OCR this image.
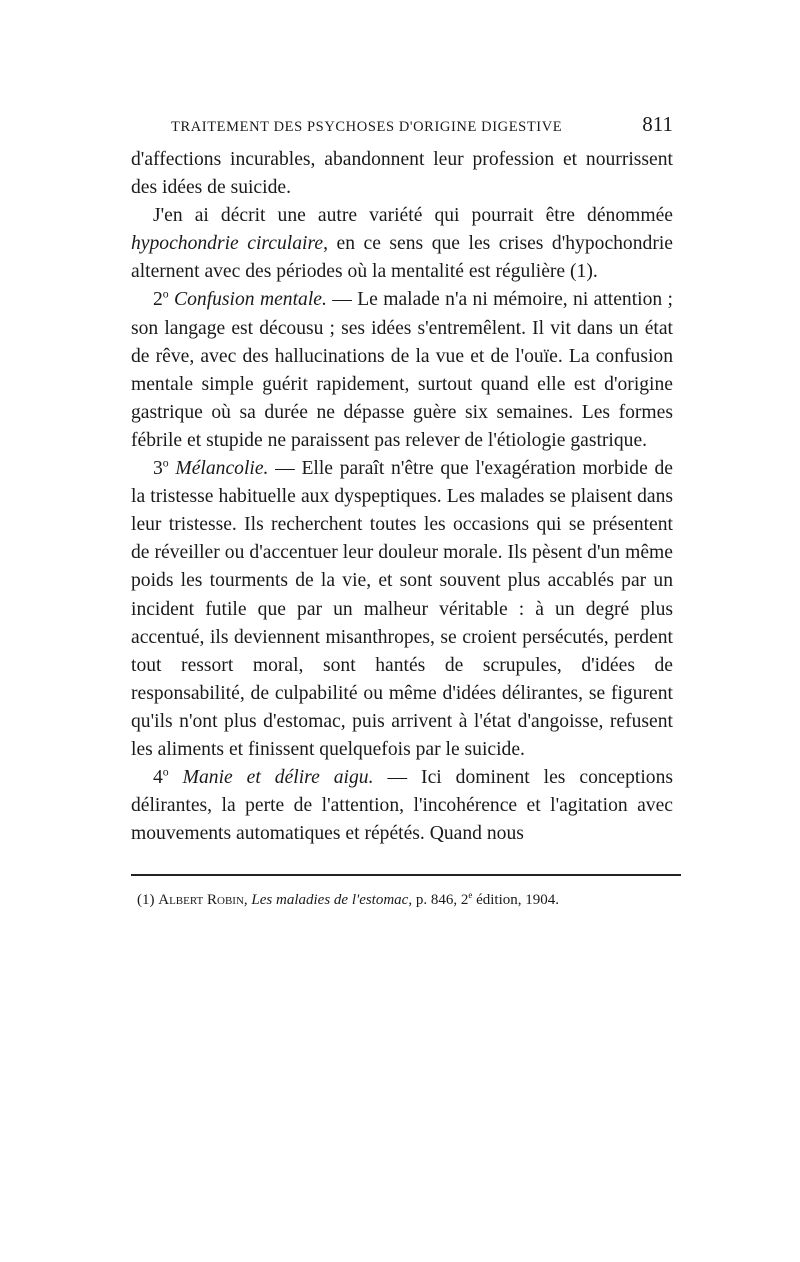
TRAITEMENT DES PSYCHOSES D'ORIGINE DIGESTIVE	811

d'affections incurables, abandonnent leur profession et nourrissent des idées de suicide.

J'en ai décrit une autre variété qui pourrait être dénommée hypochondrie circulaire, en ce sens que les crises d'hypochondrie alternent avec des périodes où la mentalité est régulière (1).

2$^o$ Confusion mentale. — Le malade n'a ni mémoire, ni attention ; son langage est décousu ; ses idées s'entremêlent. Il vit dans un état de rêve, avec des hallucinations de la vue et de l'ouïe. La confusion mentale simple guérit rapidement, surtout quand elle est d'origine gastrique où sa durée ne dépasse guère six semaines. Les formes fébrile et stupide ne paraissent pas relever de l'étiologie gastrique.

3$^o$ Mélancolie. — Elle paraît n'être que l'exagération morbide de la tristesse habituelle aux dyspeptiques. Les malades se plaisent dans leur tristesse. Ils recherchent toutes les occasions qui se présentent de réveiller ou d'accentuer leur douleur morale. Ils pèsent d'un même poids les tourments de la vie, et sont souvent plus accablés par un incident futile que par un malheur véritable : à un degré plus accentué, ils deviennent misanthropes, se croient persécutés, perdent tout ressort moral, sont hantés de scrupules, d'idées de responsabilité, de culpabilité ou même d'idées délirantes, se figurent qu'ils n'ont plus d'estomac, puis arrivent à l'état d'angoisse, refusent les aliments et finissent quelquefois par le suicide.

4$^o$ Manie et délire aigu. — Ici dominent les conceptions délirantes, la perte de l'attention, l'incohérence et l'agitation avec mouvements automatiques et répétés. Quand nous

(1) Albert Robin, Les maladies de l'estomac, p. 846, 2e édition, 1904.
